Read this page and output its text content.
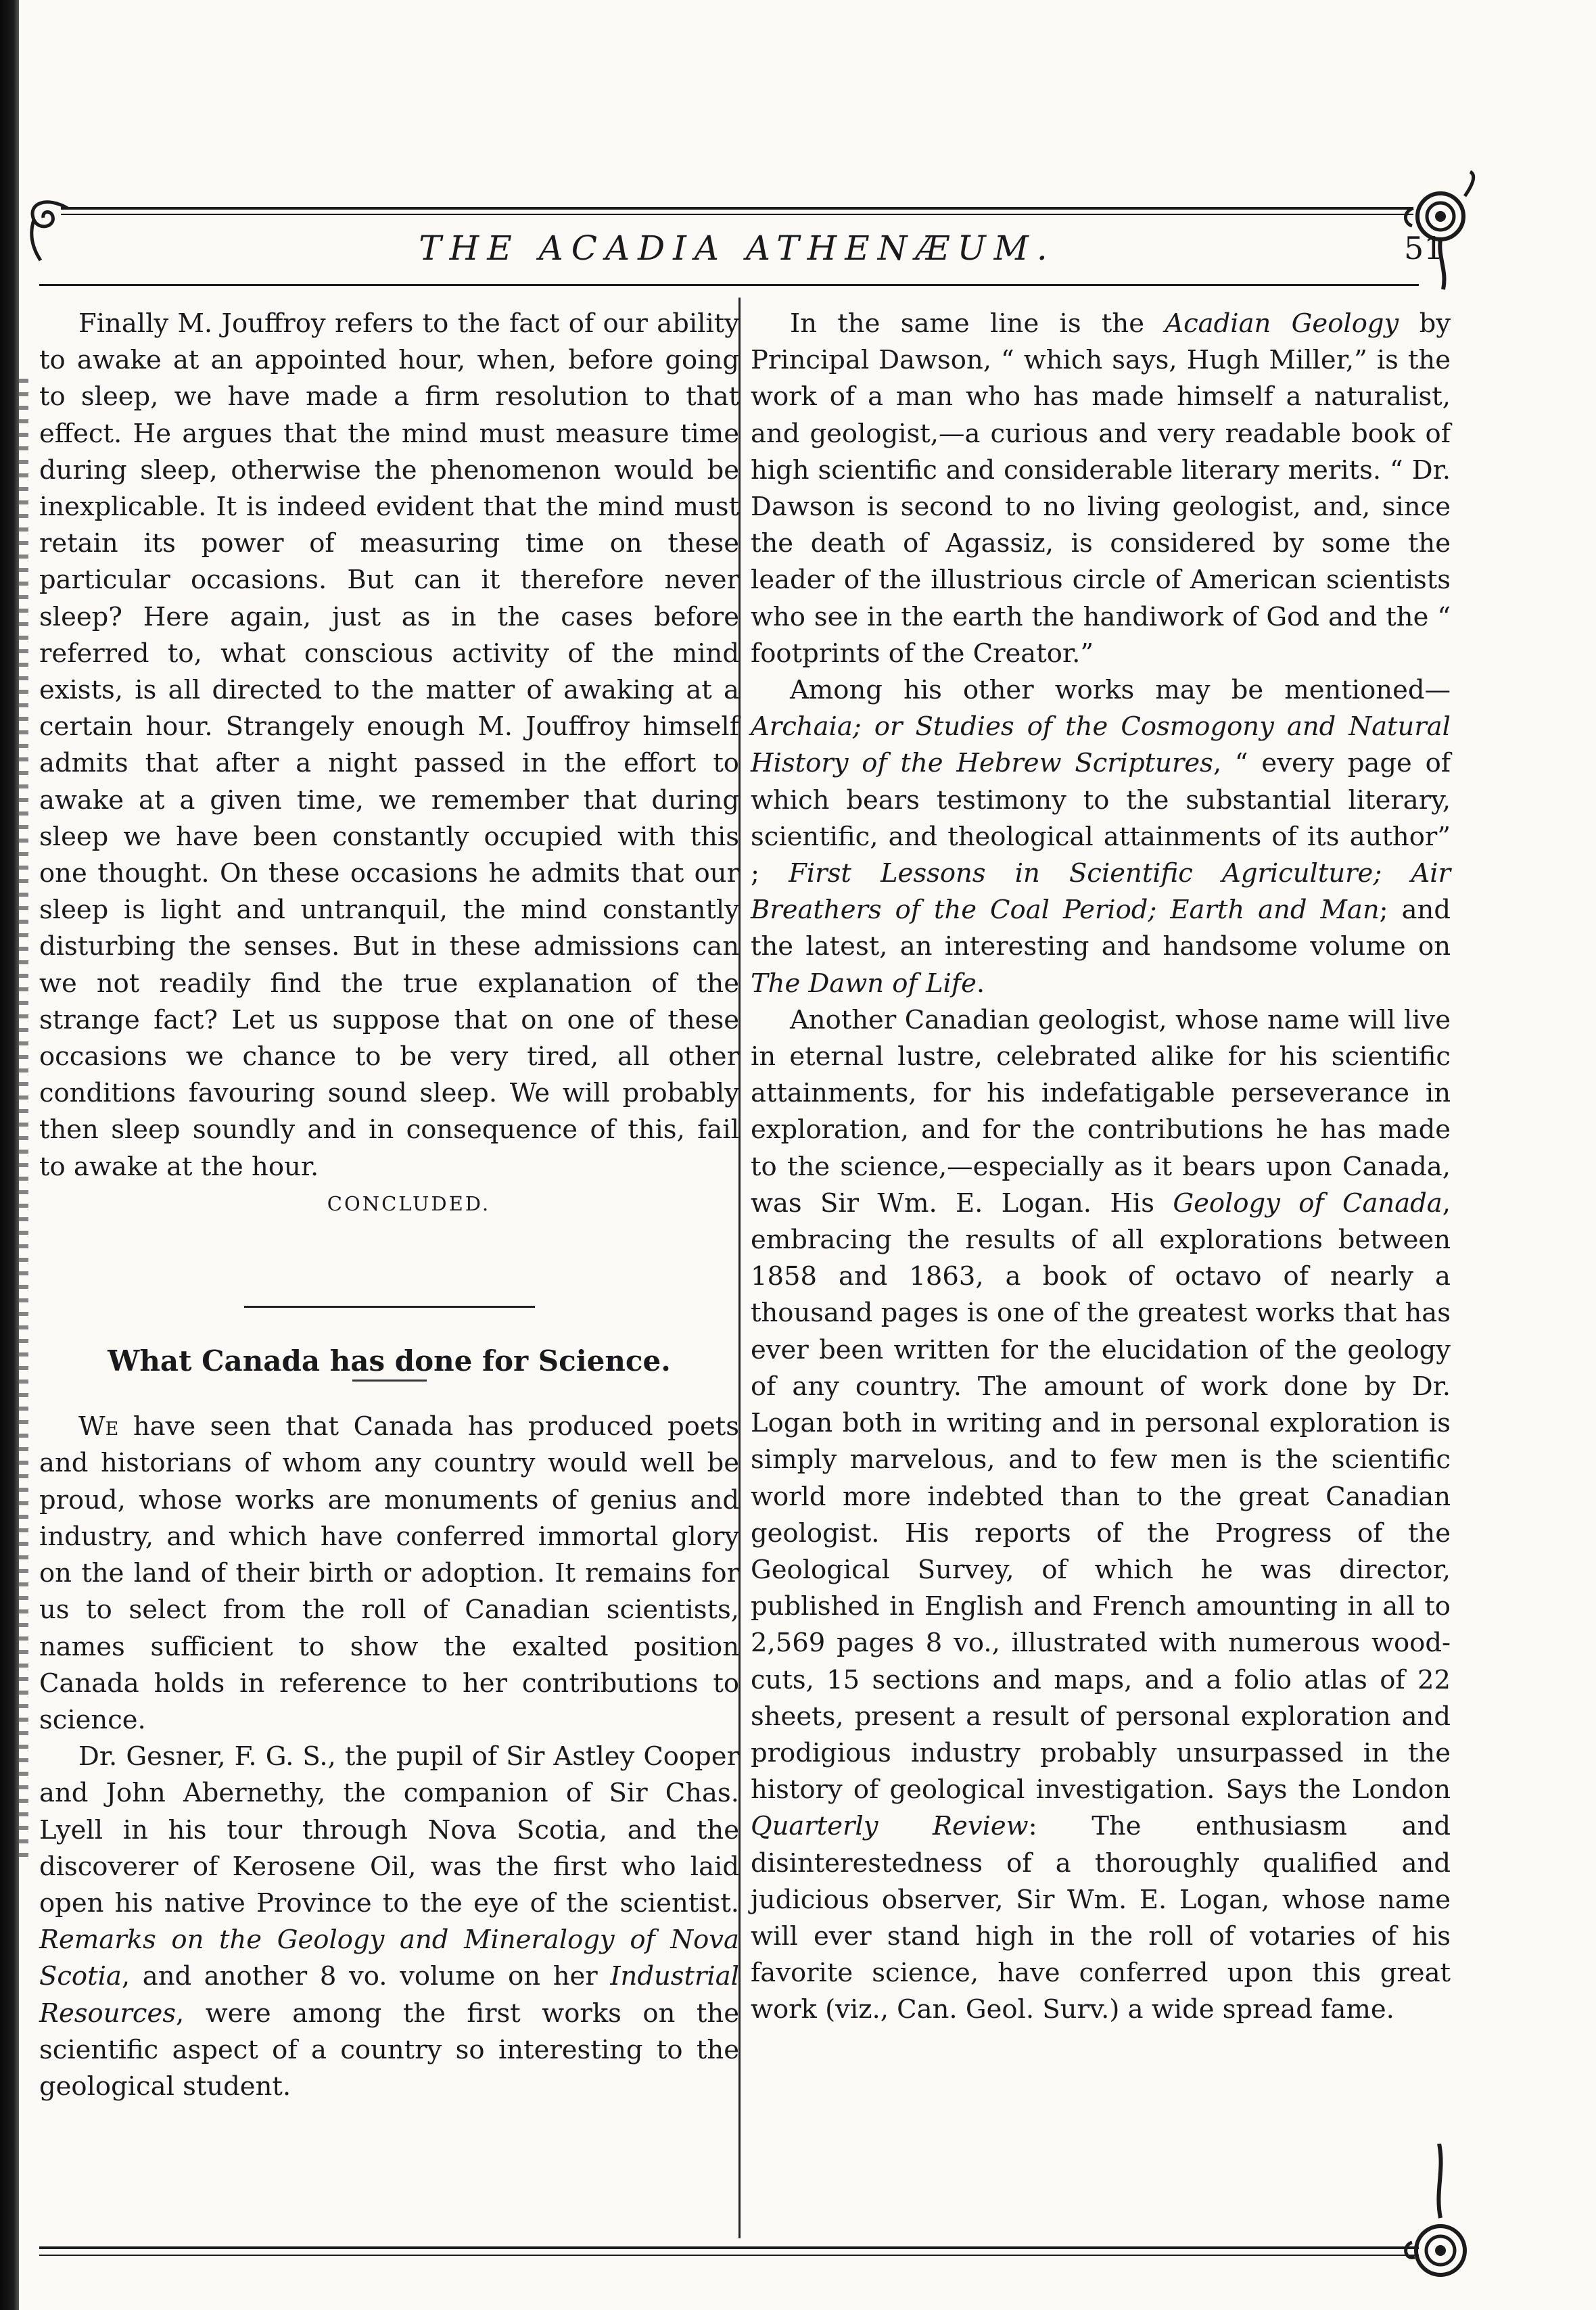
THE ACADIA ATHENÆUM.	51

Finally M. Jouffroy refers to the fact of our ability to awake at an appointed hour, when, before going to sleep, we have made a firm resolution to that effect. He argues that the mind must measure time during sleep, otherwise the phenomenon would be inexplicable. It is indeed evident that the mind must retain its power of measuring time on these particular occasions. But can it therefore never sleep? Here again, just as in the cases before referred to, what conscious activity of the mind exists, is all directed to the matter of awaking at a certain hour. Strangely enough M. Jouffroy himself admits that after a night passed in the effort to awake at a given time, we remember that during sleep we have been constantly occupied with this one thought. On these occasions he admits that our sleep is light and untranquil, the mind constantly disturbing the senses. But in these admissions can we not readily find the true explanation of the strange fact? Let us suppose that on one of these occasions we chance to be very tired, all other conditions favouring sound sleep. We will probably then sleep soundly and in consequence of this, fail to awake at the hour.

CONCLUDED.

What Canada has done for Science.

We have seen that Canada has produced poets and historians of whom any country would well be proud, whose works are monuments of genius and industry, and which have conferred immortal glory on the land of their birth or adoption. It remains for us to select from the roll of Canadian scientists, names sufficient to show the exalted position Canada holds in reference to her contributions to science.

Dr. Gesner, F. G. S., the pupil of Sir Astley Cooper and John Abernethy, the companion of Sir Chas. Lyell in his tour through Nova Scotia, and the discoverer of Kerosene Oil, was the first who laid open his native Province to the eye of the scientist. Remarks on the Geology and Mineralogy of Nova Scotia, and another 8 vo. volume on her Industrial Resources, were among the first works on the scientific aspect of a country so interesting to the geological student.

In the same line is the Acadian Geology by Principal Dawson, “ which says, Hugh Miller,” is the work of a man who has made himself a naturalist, and geologist,—a curious and very readable book of high scientific and considerable literary merits. “ Dr. Dawson is second to no living geologist, and, since the death of Agassiz, is considered by some the leader of the illustrious circle of American scientists who see in the earth the handiwork of God and the “ footprints of the Creator.”

Among his other works may be mentioned—Archaia; or Studies of the Cosmogony and Natural History of the Hebrew Scriptures, “ every page of which bears testimony to the substantial literary, scientific, and theological attainments of its author” ; First Lessons in Scientific Agriculture; Air Breathers of the Coal Period; Earth and Man; and the latest, an interesting and handsome volume on The Dawn of Life.

Another Canadian geologist, whose name will live in eternal lustre, celebrated alike for his scientific attainments, for his indefatigable perseverance in exploration, and for the contributions he has made to the science,—especially as it bears upon Canada, was Sir Wm. E. Logan. His Geology of Canada, embracing the results of all explorations between 1858 and 1863, a book of octavo of nearly a thousand pages is one of the greatest works that has ever been written for the elucidation of the geology of any country. The amount of work done by Dr. Logan both in writing and in personal exploration is simply marvelous, and to few men is the scientific world more indebted than to the great Canadian geologist. His reports of the Progress of the Geological Survey, of which he was director, published in English and French amounting in all to 2,569 pages 8 vo., illustrated with numerous wood-cuts, 15 sections and maps, and a folio atlas of 22 sheets, present a result of personal exploration and prodigious industry probably unsurpassed in the history of geological investigation. Says the London Quarterly Review: The enthusiasm and disinterestedness of a thoroughly qualified and judicious observer, Sir Wm. E. Logan, whose name will ever stand high in the roll of votaries of his favorite science, have conferred upon this great work (viz., Can. Geol. Surv.) a wide spread fame.
